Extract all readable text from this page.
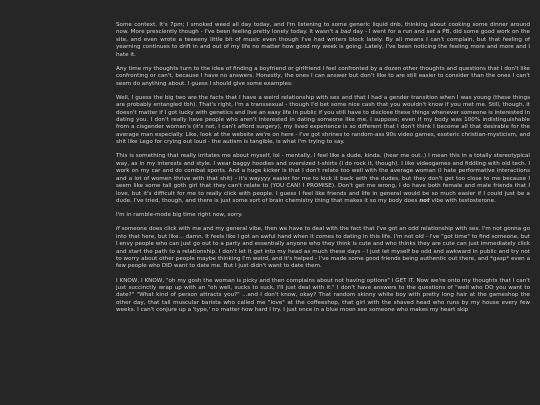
Some context. It's 7pm; I smoked weed all day today, and I'm listening to some generic liquid dnb, thinking about cooking some dinner around now. More presciently though - I've been feeling pretty lonely today. It wasn't a bad day - I went for a run and set a PB, did some good work on the site, and even wrote a teeeeny little bit of music even though I've had writers block lately. By all means I can't complain, but that feeling of yearning continues to drift in and out of my life no matter how good my week is going. Lately, I've been noticing the feeling more and more and I hate it.

Any time my thoughts turn to the idea of finding a boyfriend or girlfriend I feel confronted by a dozen other thoughts and questions that I don't like confronting or can't, because I have no answers. Honestly, the ones I can answer but don't like to are still easier to consider than the ones I can't seem do anything about. I guess I should give some examples:

Well, I guess the big two are the facts that I have a weird relationship with sex and that I had a gender transition when I was young (these things are probably entangled tbh). That's right, I'm a transsexual - though I'd bet some nice cash that you wouldn't know if you met me. Still, though, it doesn't matter if I got lucky with genetics and live an easy life in public if you still have to disclose these things whenever someone is interested in dating you. I don't really have people who aren't interested in dating someone like me, I suppose; even if my body was 100% indistinguishable from a cisgender woman's (it's not, I can't afford surgery), my lived experience is so different that I don't think I become all that desirable for the average man especially. Like, look at the website we're on here - I've got shrines to random-ass 90s video games, esoteric christian-mysticism, and shit like Lego for crying out loud - the autism is tangible, is what I'm trying to say.

This is something that really irritates me about myself, lol - mentally, I feel like a dude, kinda. (hear me out..) I mean this in a totally stereotypical way, as in my interests and style. I wear baggy hoodies and oversized t-shirts (I do rock it, though). I like videogames and fiddling with old tech. I work on my car and do combat sports. And a huge kicker is that I don't relate too well with the average woman (I hate performative interactions and a lot of women thrive with that shit) - it's wayyyy easier for me to kick it back with the dudes, but they don't get too close to me because I seem like some tall goth girl that they can't relate to (YOU CAN! I PROMISE). Don't get me wrong, I do have both female and male friends that I love, but it's difficult for me to really click with people. I guess I feel like friends and life in general would be so much easier if I could just be a dude. I've tried, though, and there is just some sort of brain chemistry thing that makes it so my body does not vibe with testosterone.

I'm in ramble-mode big time right now, sorry.

If someone does click with me and my general vibe, then we have to deal with the fact that I've got an odd relationship with sex. I'm not gonna go into that here, but like... damn. It feels like I got an awful hand when it comes to dating in this life. I'm not old - I've "got time" to find someone, but I envy people who can just go out to a party and essentially anyone who they think is cute and who thinks they are cute can just immediately click and start the path to a relationship. I don't let it get into my head as much these days - I just let myself be odd and awkward in public and try not to worry about other people maybe thinking I'm weird, and it's helped - I've made some good friends being authentic out there, and *gasp* even a few people who DID want to date me. But I just didn't want to date them.

I KNOW, I KNOW, "oh my gosh the woman is picky and then complains about not having options" I GET IT. Now we're onto my thoughts that I can't just succinctly wrap up with an "oh well, sucks to suck, I'll just deal with it." I don't have answers to the questions of "well who DO you want to date?" "What kind of person attracts you?" ...and I don't know, okay? That random skinny white boy with pretty long hair at the gameshop the other day, that tall muscular barista who called me "love" at the coffeeshop, that girl with the shaved head who runs by my house every few weeks. I can't conjure up a 'type,' no matter how hard I try. I just once in a blue moon see someone who makes my heart skip
